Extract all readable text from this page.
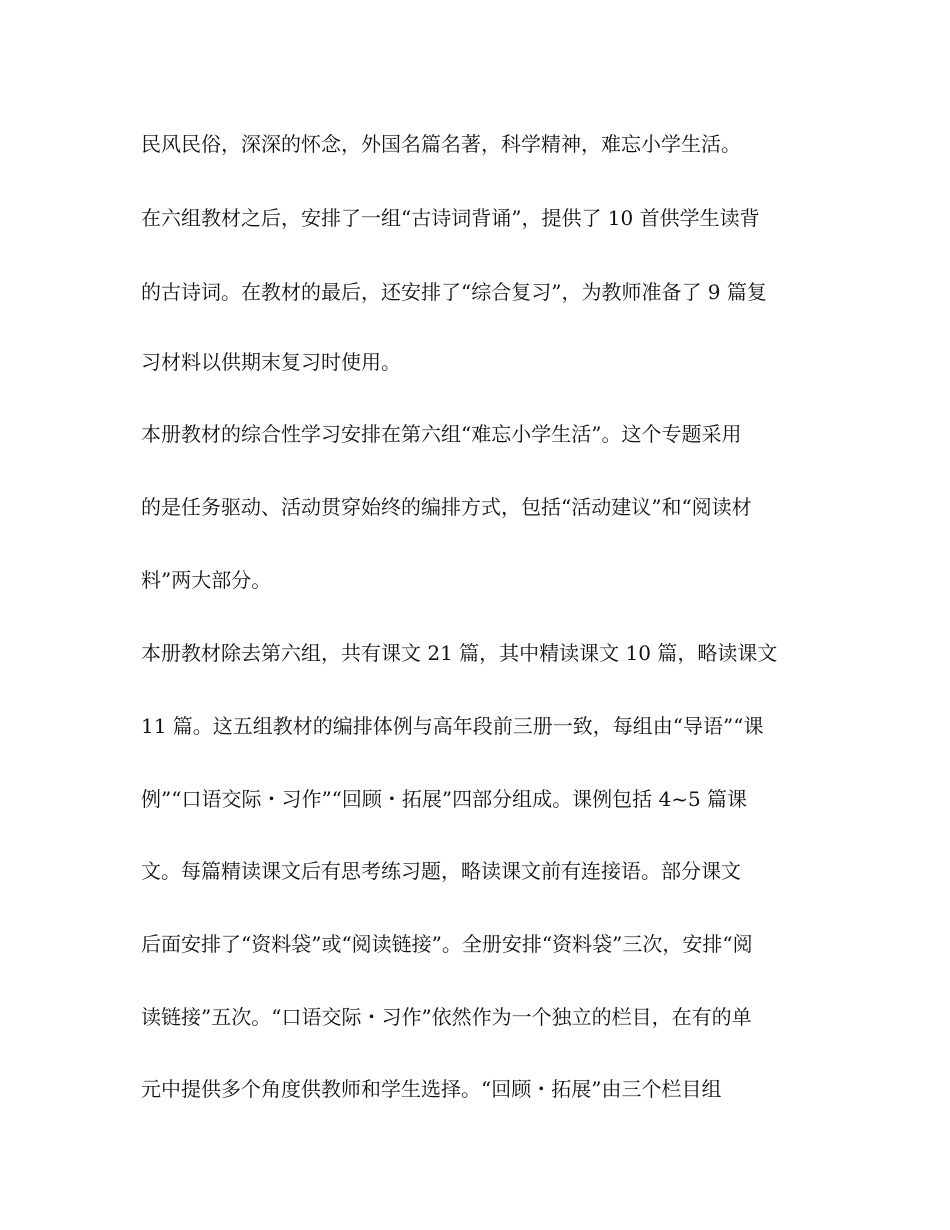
民风民俗，深深的怀念，外国名篇名著，科学精神，难忘小学生活。
在六组教材之后，安排了一组“古诗词背诵”，提供了 10 首供学生读背
的古诗词。在教材的最后，还安排了“综合复习”，为教师准备了 9 篇复
习材料以供期末复习时使用。
本册教材的综合性学习安排在第六组“难忘小学生活”。这个专题采用
的是任务驱动、活动贯穿始终的编排方式，包括“活动建议”和“阅读材
料”两大部分。
本册教材除去第六组，共有课文 21 篇，其中精读课文 10 篇，略读课文
11 篇。这五组教材的编排体例与高年段前三册一致，每组由“导语”“课
例”“口语交际・习作”“回顾・拓展”四部分组成。课例包括 4~5 篇课
文。每篇精读课文后有思考练习题，略读课文前有连接语。部分课文
后面安排了“资料袋”或“阅读链接”。全册安排“资料袋”三次，安排“阅
读链接”五次。“口语交际・习作”依然作为一个独立的栏目，在有的单
元中提供多个角度供教师和学生选择。“回顾・拓展”由三个栏目组
